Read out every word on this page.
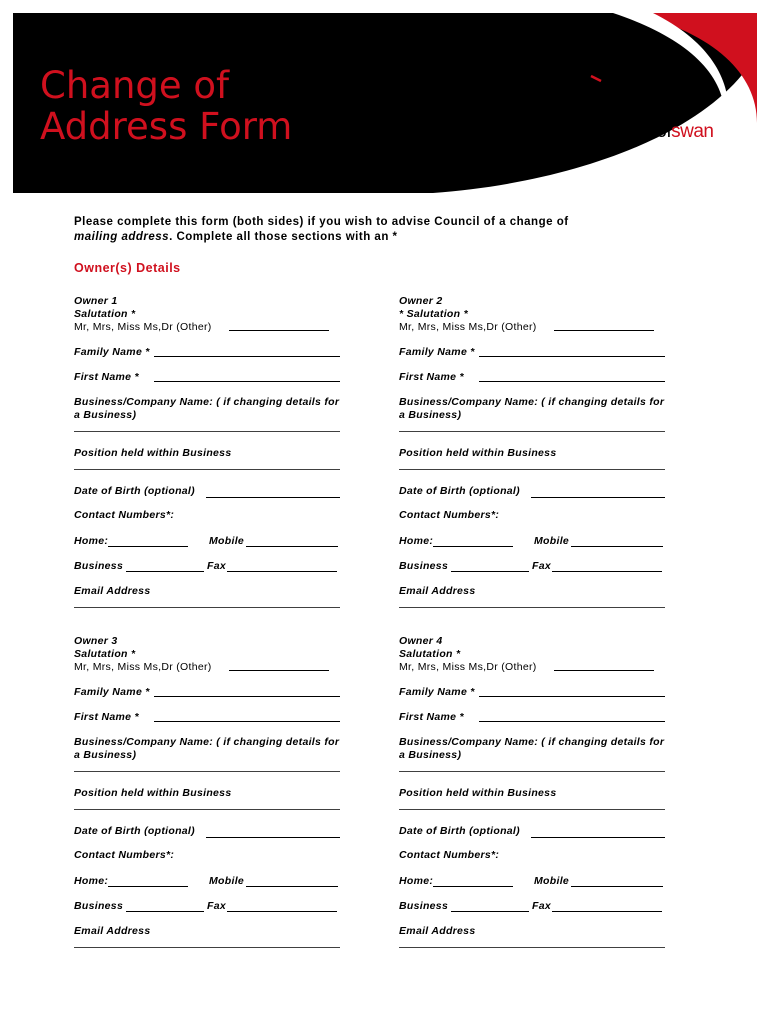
Change of
Address Form	city ofswan
Please complete this form (both sides) if you wish to advise Council of a change of
mailing address. Complete all those sections with an *
Owner(s) Details
Owner 1
Salutation *
Mr, Mrs, Miss Ms,Dr (Other)
Family Name *
First Name *
Business/Company Name: ( if changing details for
a Business)
Position held within Business
Date of Birth (optional)
Contact Numbers*:
Home:	Mobile
Business	Fax
Email Address
Owner 2
* Salutation *
Mr, Mrs, Miss Ms,Dr (Other)
Family Name *
First Name *
Business/Company Name: ( if changing details for
a Business)
Position held within Business
Date of Birth (optional)
Contact Numbers*:
Home:	Mobile
Business	Fax
Email Address
Owner 3
Salutation *
Mr, Mrs, Miss Ms,Dr (Other)
Family Name *
First Name *
Business/Company Name: ( if changing details for
a Business)
Position held within Business
Date of Birth (optional)
Contact Numbers*:
Home:	Mobile
Business	Fax
Email Address
Owner 4
Salutation *
Mr, Mrs, Miss Ms,Dr (Other)
Family Name *
First Name *
Business/Company Name: ( if changing details for
a Business)
Position held within Business
Date of Birth (optional)
Contact Numbers*:
Home:	Mobile
Business	Fax
Email Address
